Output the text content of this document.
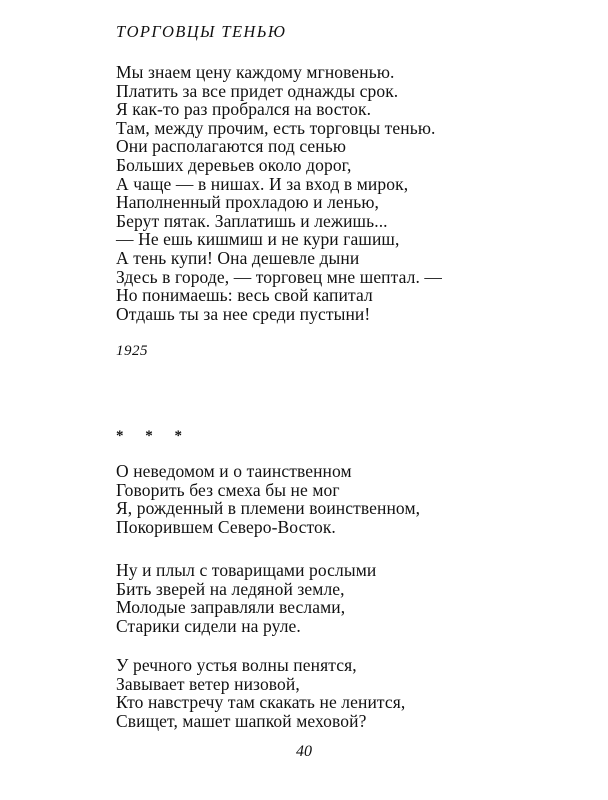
ТОРГОВЦЫ ТЕНЬЮ
Мы знаем цену каждому мгновенью.
Платить за все придет однажды срок.
Я как-то раз пробрался на восток.
Там, между прочим, есть торговцы тенью.
Они располагаются под сенью
Больших деревьев около дорог,
А чаще — в нишах. И за вход в мирок,
Наполненный прохладою и ленью,
Берут пятак. Заплатишь и лежишь...
— Не ешь кишмиш и не кури гашиш,
А тень купи! Она дешевле дыни
Здесь в городе, — торговец мне шептал. —
Но понимаешь: весь свой капитал
Отдашь ты за нее среди пустыни!
1925
* * *
О неведомом и о таинственном
Говорить без смеха бы не мог
Я, рожденный в племени воинственном,
Покорившем Северо-Восток.
Ну и плыл с товарищами рослыми
Бить зверей на ледяной земле,
Молодые заправляли веслами,
Старики сидели на руле.
У речного устья волны пенятся,
Завывает ветер низовой,
Кто навстречу там скакать не ленится,
Свищет, машет шапкой меховой?
40
